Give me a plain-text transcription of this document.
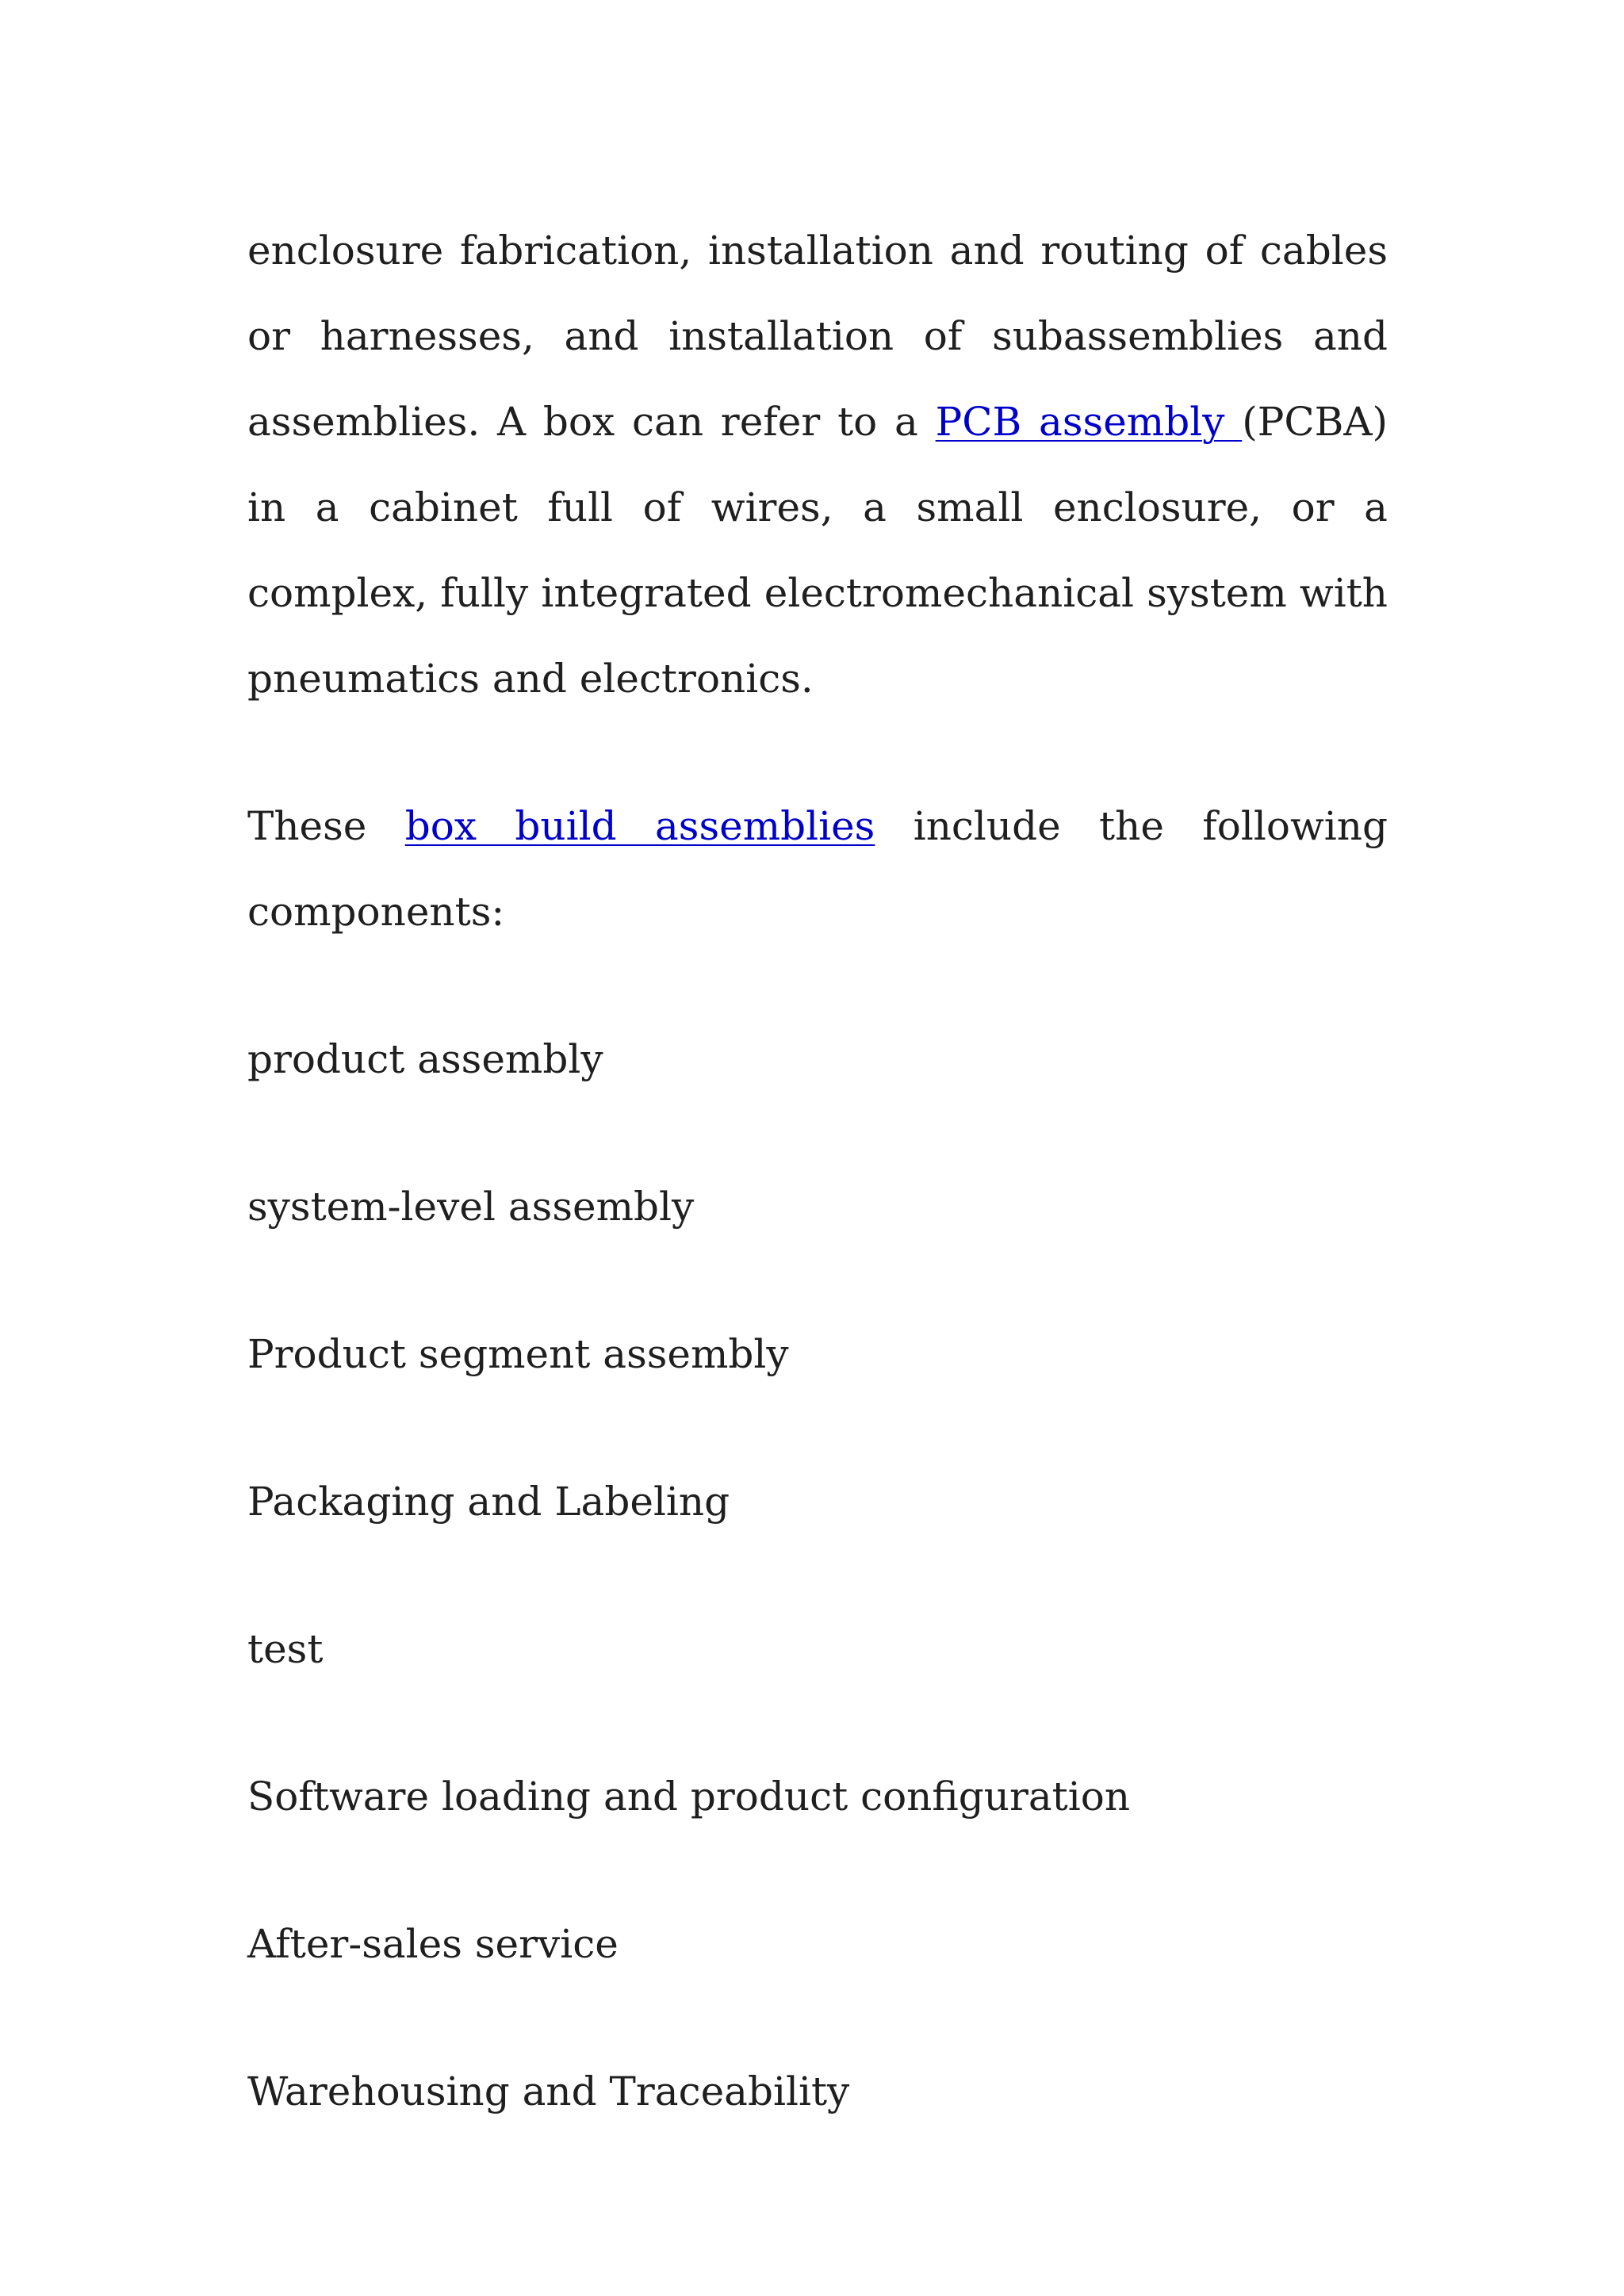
enclosure fabrication, installation and routing of cables or harnesses, and installation of subassemblies and assemblies. A box can refer to a PCB assembly (PCBA) in a cabinet full of wires, a small enclosure, or a complex, fully integrated electromechanical system with pneumatics and electronics.

These box build assemblies include the following components:

product assembly
system-level assembly
Product segment assembly
Packaging and Labeling
test
Software loading and product configuration
After-sales service
Warehousing and Traceability
